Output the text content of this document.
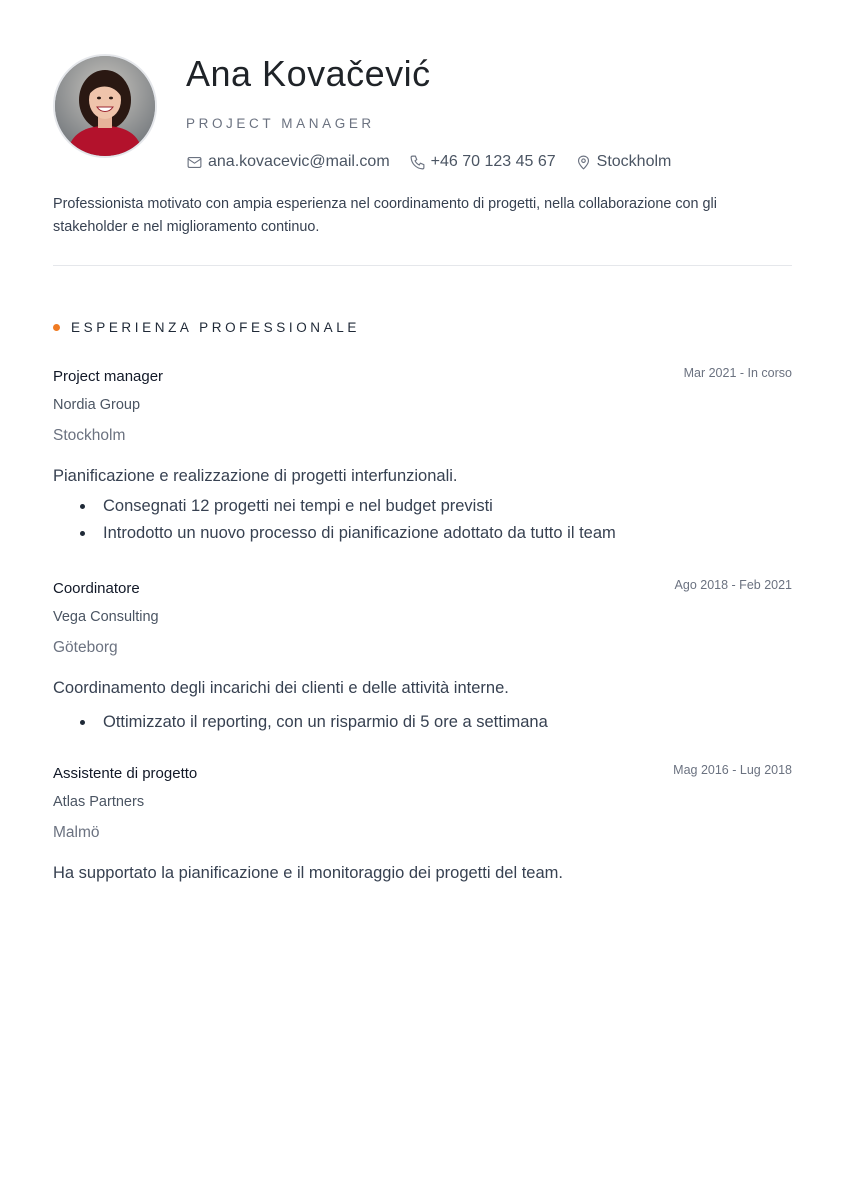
Ana Kovačević
PROJECT MANAGER
ana.kovacevic@mail.com	+46 70 123 45 67	Stockholm

Professionista motivato con ampia esperienza nel coordinamento di progetti, nella collaborazione con gli stakeholder e nel miglioramento continuo.

ESPERIENZA PROFESSIONALE
Project manager	Mar 2021 - In corso
Nordia Group
Stockholm
Pianificazione e realizzazione di progetti interfunzionali.
Consegnati 12 progetti nei tempi e nel budget previsti
Introdotto un nuovo processo di pianificazione adottato da tutto il team
Coordinatore	Ago 2018 - Feb 2021
Vega Consulting
Göteborg
Coordinamento degli incarichi dei clienti e delle attività interne.
Ottimizzato il reporting, con un risparmio di 5 ore a settimana
Assistente di progetto	Mag 2016 - Lug 2018
Atlas Partners
Malmö
Ha supportato la pianificazione e il monitoraggio dei progetti del team.
